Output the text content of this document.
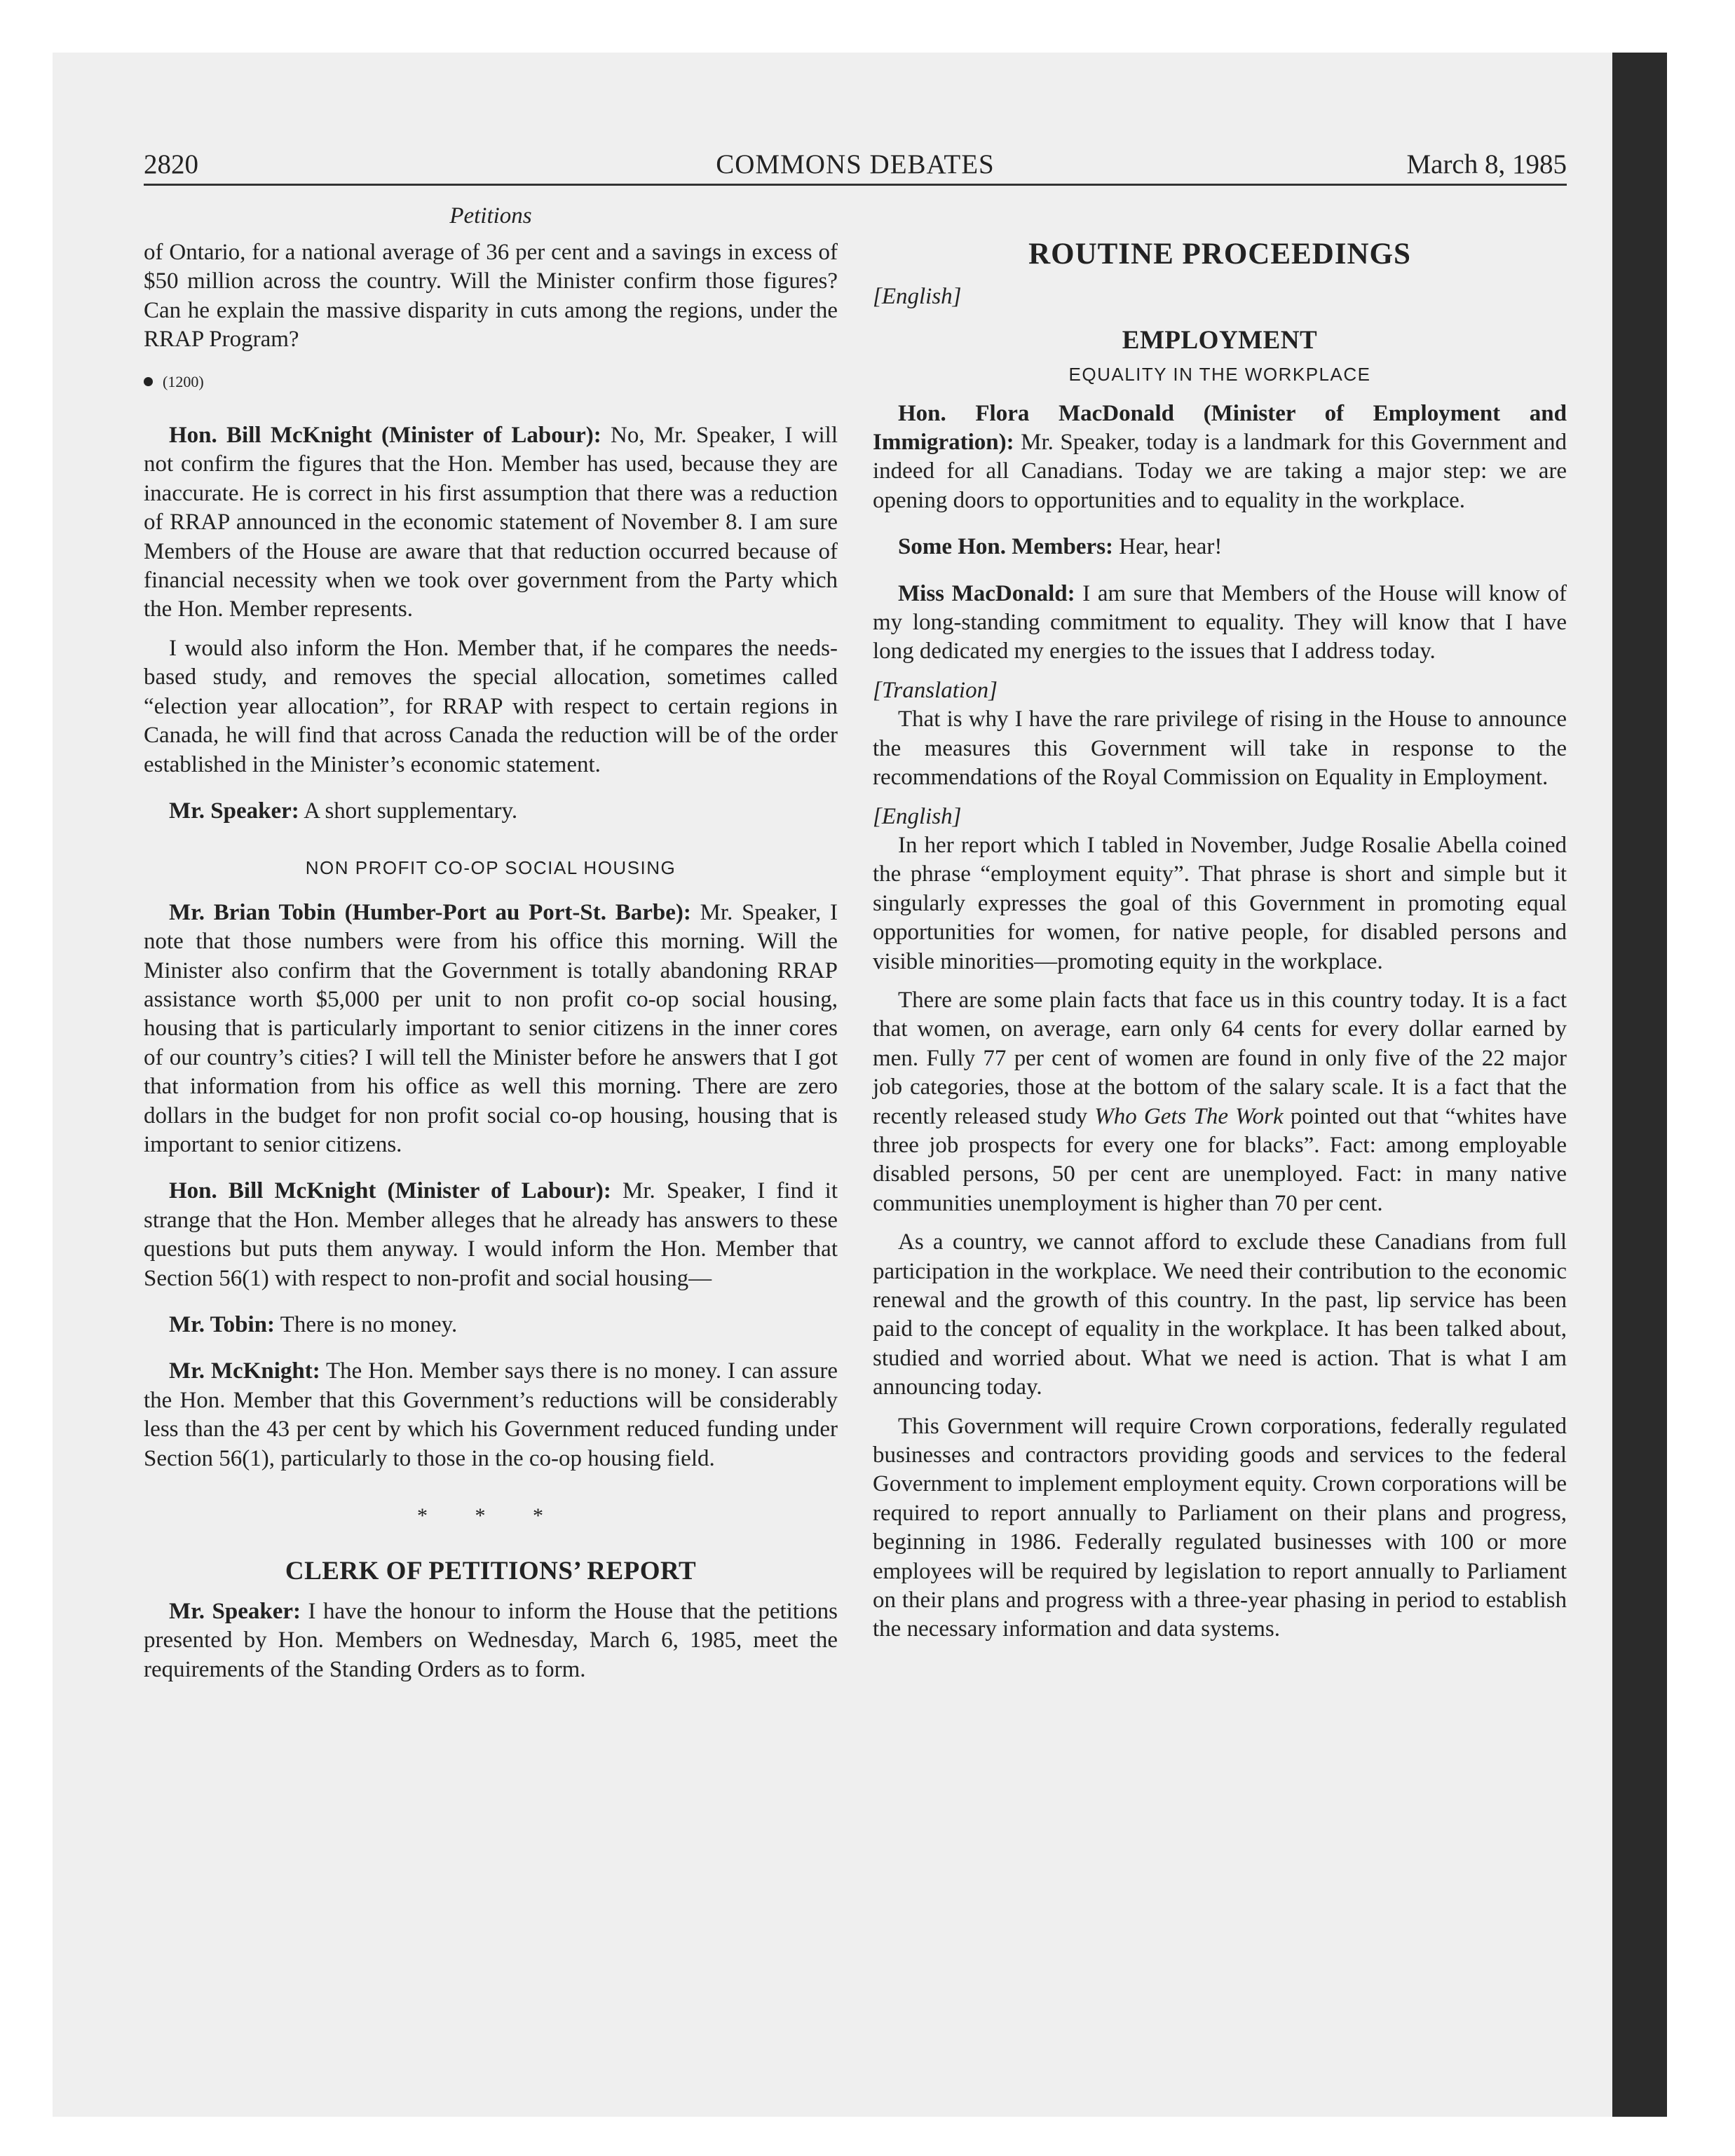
2820	COMMONS DEBATES	March 8, 1985
Petitions

of Ontario, for a national average of 36 per cent and a savings in excess of $50 million across the country. Will the Minister confirm those figures? Can he explain the massive disparity in cuts among the regions, under the RRAP Program?

(1200)

Hon. Bill McKnight (Minister of Labour): No, Mr. Speaker, I will not confirm the figures that the Hon. Member has used, because they are inaccurate. He is correct in his first assumption that there was a reduction of RRAP announced in the economic statement of November 8. I am sure Members of the House are aware that that reduction occurred because of financial necessity when we took over government from the Party which the Hon. Member represents.

I would also inform the Hon. Member that, if he compares the needs-based study, and removes the special allocation, sometimes called “election year allocation”, for RRAP with respect to certain regions in Canada, he will find that across Canada the reduction will be of the order established in the Minister’s economic statement.

Mr. Speaker: A short supplementary.

NON PROFIT CO-OP SOCIAL HOUSING

Mr. Brian Tobin (Humber-Port au Port-St. Barbe): Mr. Speaker, I note that those numbers were from his office this morning. Will the Minister also confirm that the Government is totally abandoning RRAP assistance worth $5,000 per unit to non profit co-op social housing, housing that is particularly important to senior citizens in the inner cores of our country’s cities? I will tell the Minister before he answers that I got that information from his office as well this morning. There are zero dollars in the budget for non profit social co-op housing, housing that is important to senior citizens.

Hon. Bill McKnight (Minister of Labour): Mr. Speaker, I find it strange that the Hon. Member alleges that he already has answers to these questions but puts them anyway. I would inform the Hon. Member that Section 56(1) with respect to non-profit and social housing—

Mr. Tobin: There is no money.

Mr. McKnight: The Hon. Member says there is no money. I can assure the Hon. Member that this Government’s reductions will be considerably less than the 43 per cent by which his Government reduced funding under Section 56(1), particularly to those in the co-op housing field.

* * *
CLERK OF PETITIONS’ REPORT

Mr. Speaker: I have the honour to inform the House that the petitions presented by Hon. Members on Wednesday, March 6, 1985, meet the requirements of the Standing Orders as to form.

ROUTINE PROCEEDINGS

[English]

EMPLOYMENT
EQUALITY IN THE WORKPLACE

Hon. Flora MacDonald (Minister of Employment and Immigration): Mr. Speaker, today is a landmark for this Government and indeed for all Canadians. Today we are taking a major step: we are opening doors to opportunities and to equality in the workplace.

Some Hon. Members: Hear, hear!

Miss MacDonald: I am sure that Members of the House will know of my long-standing commitment to equality. They will know that I have long dedicated my energies to the issues that I address today.

[Translation]

That is why I have the rare privilege of rising in the House to announce the measures this Government will take in response to the recommendations of the Royal Commission on Equality in Employment.

[English]

In her report which I tabled in November, Judge Rosalie Abella coined the phrase “employment equity”. That phrase is short and simple but it singularly expresses the goal of this Government in promoting equal opportunities for women, for native people, for disabled persons and visible minorities—promoting equity in the workplace.

There are some plain facts that face us in this country today. It is a fact that women, on average, earn only 64 cents for every dollar earned by men. Fully 77 per cent of women are found in only five of the 22 major job categories, those at the bottom of the salary scale. It is a fact that the recently released study Who Gets The Work pointed out that “whites have three job prospects for every one for blacks”. Fact: among employable disabled persons, 50 per cent are unemployed. Fact: in many native communities unemployment is higher than 70 per cent.

As a country, we cannot afford to exclude these Canadians from full participation in the workplace. We need their contribution to the economic renewal and the growth of this country. In the past, lip service has been paid to the concept of equality in the workplace. It has been talked about, studied and worried about. What we need is action. That is what I am announcing today.

This Government will require Crown corporations, federally regulated businesses and contractors providing goods and services to the federal Government to implement employment equity. Crown corporations will be required to report annually to Parliament on their plans and progress, beginning in 1986. Federally regulated businesses with 100 or more employees will be required by legislation to report annually to Parliament on their plans and progress with a three-year phasing in period to establish the necessary information and data systems.
